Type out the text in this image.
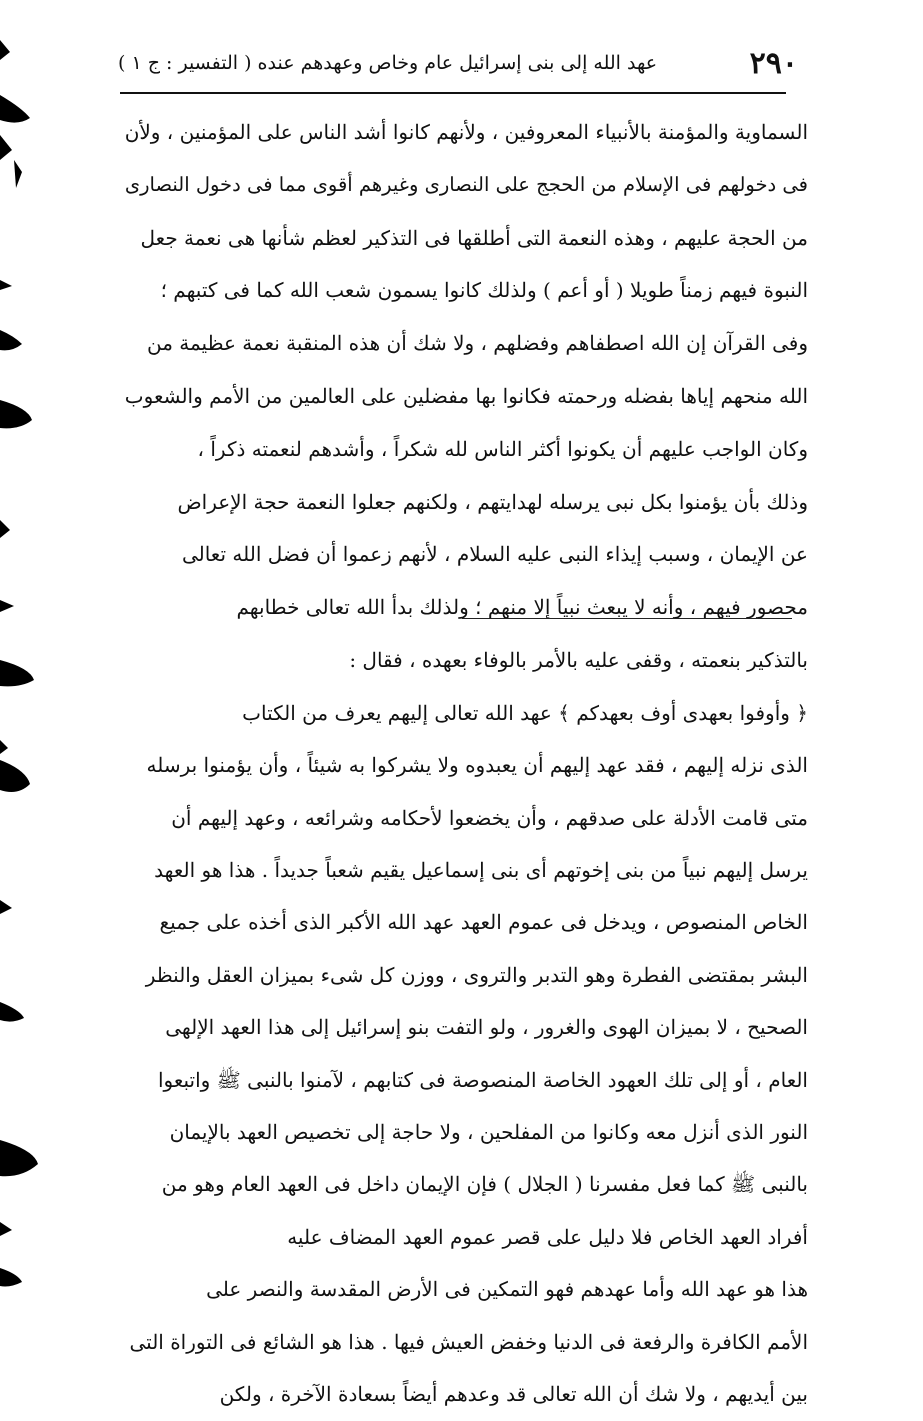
٢٩٠
عهد الله إلى بنى إسرائيل عام وخاص وعهدهم عنده ( التفسير : ج ١ )
السماوية والمؤمنة بالأنبياء المعروفين ، ولأنهم كانوا أشد الناس على المؤمنين ، ولأن
فى دخولهم فى الإسلام من الحجج على النصارى وغيرهم أقوى مما فى دخول النصارى
من الحجة عليهم ، وهذه النعمة التى أطلقها فى التذكير لعظم شأنها هى نعمة جعل
النبوة فيهم زمناً طويلا ( أو أعم ) ولذلك كانوا يسمون شعب الله كما فى كتبهم ؛
وفى القرآن إن الله اصطفاهم وفضلهم ، ولا شك أن هذه المنقبة نعمة عظيمة من
الله منحهم إياها بفضله ورحمته فكانوا بها مفضلين على العالمين من الأمم والشعوب
وكان الواجب عليهم أن يكونوا أكثر الناس لله شكراً ، وأشدهم لنعمته ذكراً ،
وذلك بأن يؤمنوا بكل نبى يرسله لهدايتهم ، ولكنهم جعلوا النعمة حجة الإعراض
عن الإيمان ، وسبب إيذاء النبى عليه السلام ، لأنهم زعموا أن فضل الله تعالى
محصور فيهم ، وأنه لا يبعث نبياً إلا منهم ؛ ولذلك بدأ الله تعالى خطابهم
بالتذكير بنعمته ، وقفى عليه بالأمر بالوفاء بعهده ، فقال :
﴿ وأوفوا بعهدى أوف بعهدكم ﴾ عهد الله تعالى إليهم يعرف من الكتاب
الذى نزله إليهم ، فقد عهد إليهم أن يعبدوه ولا يشركوا به شيئاً ، وأن يؤمنوا برسله
متى قامت الأدلة على صدقهم ، وأن يخضعوا لأحكامه وشرائعه ، وعهد إليهم أن
يرسل إليهم نبياً من بنى إخوتهم أى بنى إسماعيل يقيم شعباً جديداً . هذا هو العهد
الخاص المنصوص ، ويدخل فى عموم العهد عهد الله الأكبر الذى أخذه على جميع
البشر بمقتضى الفطرة وهو التدبر والتروى ، ووزن كل شىء بميزان العقل والنظر
الصحيح ، لا بميزان الهوى والغرور ، ولو التفت بنو إسرائيل إلى هذا العهد الإلهى
العام ، أو إلى تلك العهود الخاصة المنصوصة فى كتابهم ، لآمنوا بالنبى ﷺ واتبعوا
النور الذى أنزل معه وكانوا من المفلحين ، ولا حاجة إلى تخصيص العهد بالإيمان
بالنبى ﷺ كما فعل مفسرنا ( الجلال ) فإن الإيمان داخل فى العهد العام وهو من
أفراد العهد الخاص فلا دليل على قصر عموم العهد المضاف عليه
هذا هو عهد الله وأما عهدهم فهو التمكين فى الأرض المقدسة والنصر على
الأمم الكافرة والرفعة فى الدنيا وخفض العيش فيها . هذا هو الشائع فى التوراة التى
بين أيديهم ، ولا شك أن الله تعالى قد وعدهم أيضاً بسعادة الآخرة ، ولكن
